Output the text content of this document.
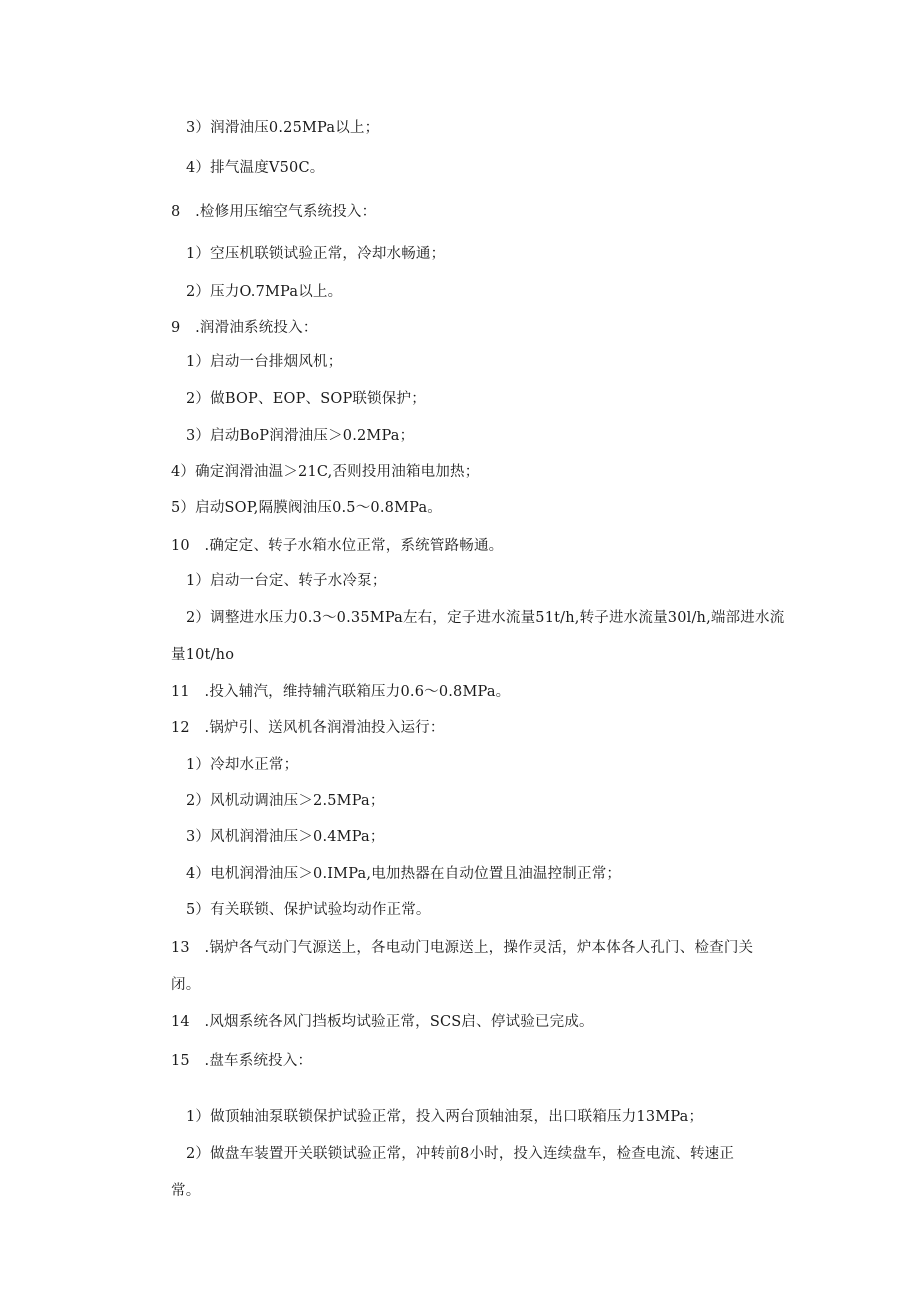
3）润滑油压0.25MPa以上；
4）排气温度V50C。
8　.检修用压缩空气系统投入：
1）空压机联锁试验正常，冷却水畅通；
2）压力O.7MPa以上。
9　.润滑油系统投入：
1）启动一台排烟风机；
2）做BOP、EOP、SOP联锁保护；
3）启动BoP润滑油压＞0.2MPa；
4）确定润滑油温＞21C,否则投用油箱电加热；
5）启动SOP,隔膜阀油压0.5～0.8MPa。
10　.确定定、转子水箱水位正常，系统管路畅通。
1）启动一台定、转子水冷泵；
2）调整进水压力0.3～0.35MPa左右，定子进水流量51t/h,转子进水流量30l/h,端部进水流
量10t/ho
11　.投入辅汽，维持辅汽联箱压力0.6～0.8MPa。
12　.锅炉引、送风机各润滑油投入运行：
1）冷却水正常；
2）风机动调油压＞2.5MPa；
3）风机润滑油压＞0.4MPa；
4）电机润滑油压＞0.IMPa,电加热器在自动位置且油温控制正常；
5）有关联锁、保护试验均动作正常。
13　.锅炉各气动门气源送上，各电动门电源送上，操作灵活，炉本体各人孔门、检查门关
闭。
14　.风烟系统各风门挡板均试验正常，SCS启、停试验已完成。
15　.盘车系统投入：
1）做顶轴油泵联锁保护试验正常，投入两台顶轴油泵，出口联箱压力13MPa；
2）做盘车装置开关联锁试验正常，冲转前8小时，投入连续盘车，检查电流、转速正
常。
